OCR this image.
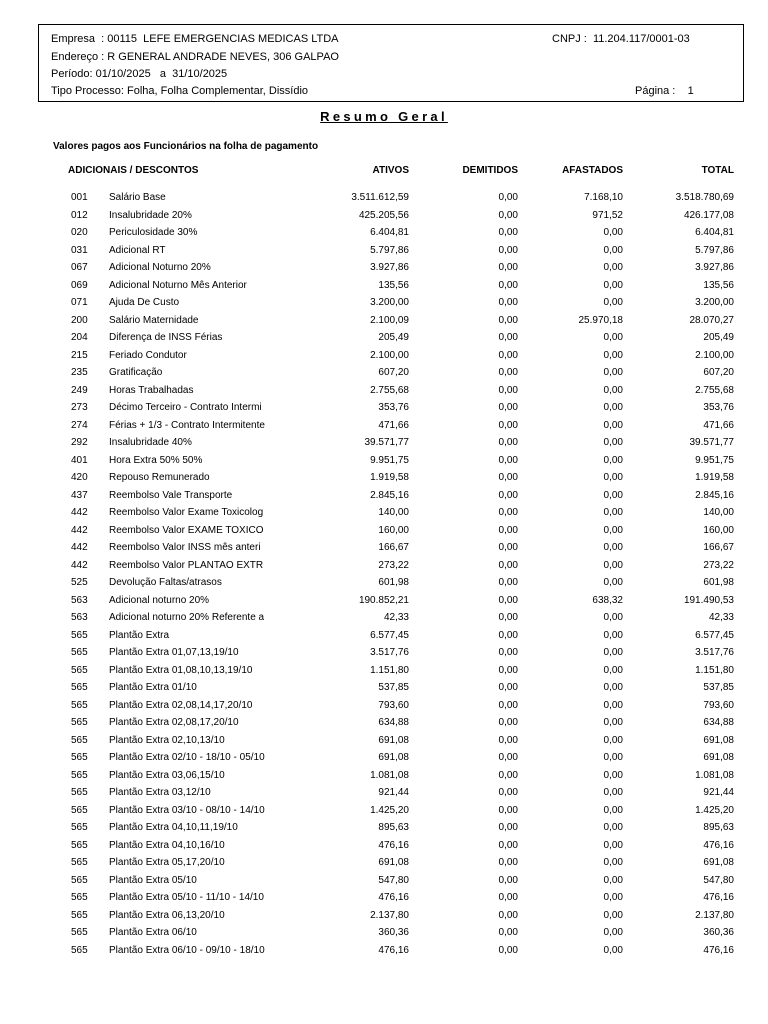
Empresa  : 00115  LEFE EMERGENCIAS MEDICAS LTDA
Endereço : R GENERAL ANDRADE NEVES, 306 GALPAO
Período: 01/10/2025   a  31/10/2025
Tipo Processo: Folha, Folha Complementar, Dissídio
CNPJ :  11.204.117/0001-03
Página :    1
Resumo Geral
Valores pagos aos Funcionários na folha de pagamento
ADICIONAIS / DESCONTOS	ATIVOS	DEMITIDOS	AFASTADOS	TOTAL
001 Salário Base	3.511.612,59	0,00	7.168,10	3.518.780,69
012 Insalubridade 20%	425.205,56	0,00	971,52	426.177,08
020 Periculosidade 30%	6.404,81	0,00	0,00	6.404,81
031 Adicional RT	5.797,86	0,00	0,00	5.797,86
067 Adicional Noturno 20%	3.927,86	0,00	0,00	3.927,86
069 Adicional Noturno Mês Anterior	135,56	0,00	0,00	135,56
071 Ajuda De Custo	3.200,00	0,00	0,00	3.200,00
200 Salário Maternidade	2.100,09	0,00	25.970,18	28.070,27
204 Diferença de INSS Férias	205,49	0,00	0,00	205,49
215 Feriado Condutor	2.100,00	0,00	0,00	2.100,00
235 Gratificação	607,20	0,00	0,00	607,20
249 Horas Trabalhadas	2.755,68	0,00	0,00	2.755,68
273 Décimo Terceiro - Contrato Intermi	353,76	0,00	0,00	353,76
274 Férias + 1/3 - Contrato Intermitente	471,66	0,00	0,00	471,66
292 Insalubridade 40%	39.571,77	0,00	0,00	39.571,77
401 Hora Extra 50% 50%	9.951,75	0,00	0,00	9.951,75
420 Repouso Remunerado	1.919,58	0,00	0,00	1.919,58
437 Reembolso Vale Transporte	2.845,16	0,00	0,00	2.845,16
442 Reembolso Valor Exame Toxicolog	140,00	0,00	0,00	140,00
442 Reembolso Valor EXAME TOXICO	160,00	0,00	0,00	160,00
442 Reembolso Valor INSS mês anteri	166,67	0,00	0,00	166,67
442 Reembolso Valor PLANTAO EXTR	273,22	0,00	0,00	273,22
525 Devolução Faltas/atrasos	601,98	0,00	0,00	601,98
563 Adicional noturno 20%	190.852,21	0,00	638,32	191.490,53
563 Adicional noturno 20% Referente a	42,33	0,00	0,00	42,33
565 Plantão Extra	6.577,45	0,00	0,00	6.577,45
565 Plantão Extra 01,07,13,19/10	3.517,76	0,00	0,00	3.517,76
565 Plantão Extra 01,08,10,13,19/10	1.151,80	0,00	0,00	1.151,80
565 Plantão Extra 01/10	537,85	0,00	0,00	537,85
565 Plantão Extra 02,08,14,17,20/10	793,60	0,00	0,00	793,60
565 Plantão Extra 02,08,17,20/10	634,88	0,00	0,00	634,88
565 Plantão Extra 02,10,13/10	691,08	0,00	0,00	691,08
565 Plantão Extra 02/10 - 18/10 - 05/10	691,08	0,00	0,00	691,08
565 Plantão Extra 03,06,15/10	1.081,08	0,00	0,00	1.081,08
565 Plantão Extra 03,12/10	921,44	0,00	0,00	921,44
565 Plantão Extra 03/10 - 08/10 - 14/10	1.425,20	0,00	0,00	1.425,20
565 Plantão Extra 04,10,11,19/10	895,63	0,00	0,00	895,63
565 Plantão Extra 04,10,16/10	476,16	0,00	0,00	476,16
565 Plantão Extra 05,17,20/10	691,08	0,00	0,00	691,08
565 Plantão Extra 05/10	547,80	0,00	0,00	547,80
565 Plantão Extra 05/10 - 11/10 - 14/10	476,16	0,00	0,00	476,16
565 Plantão Extra 06,13,20/10	2.137,80	0,00	0,00	2.137,80
565 Plantão Extra 06/10	360,36	0,00	0,00	360,36
565 Plantão Extra 06/10 - 09/10 - 18/10	476,16	0,00	0,00	476,16
